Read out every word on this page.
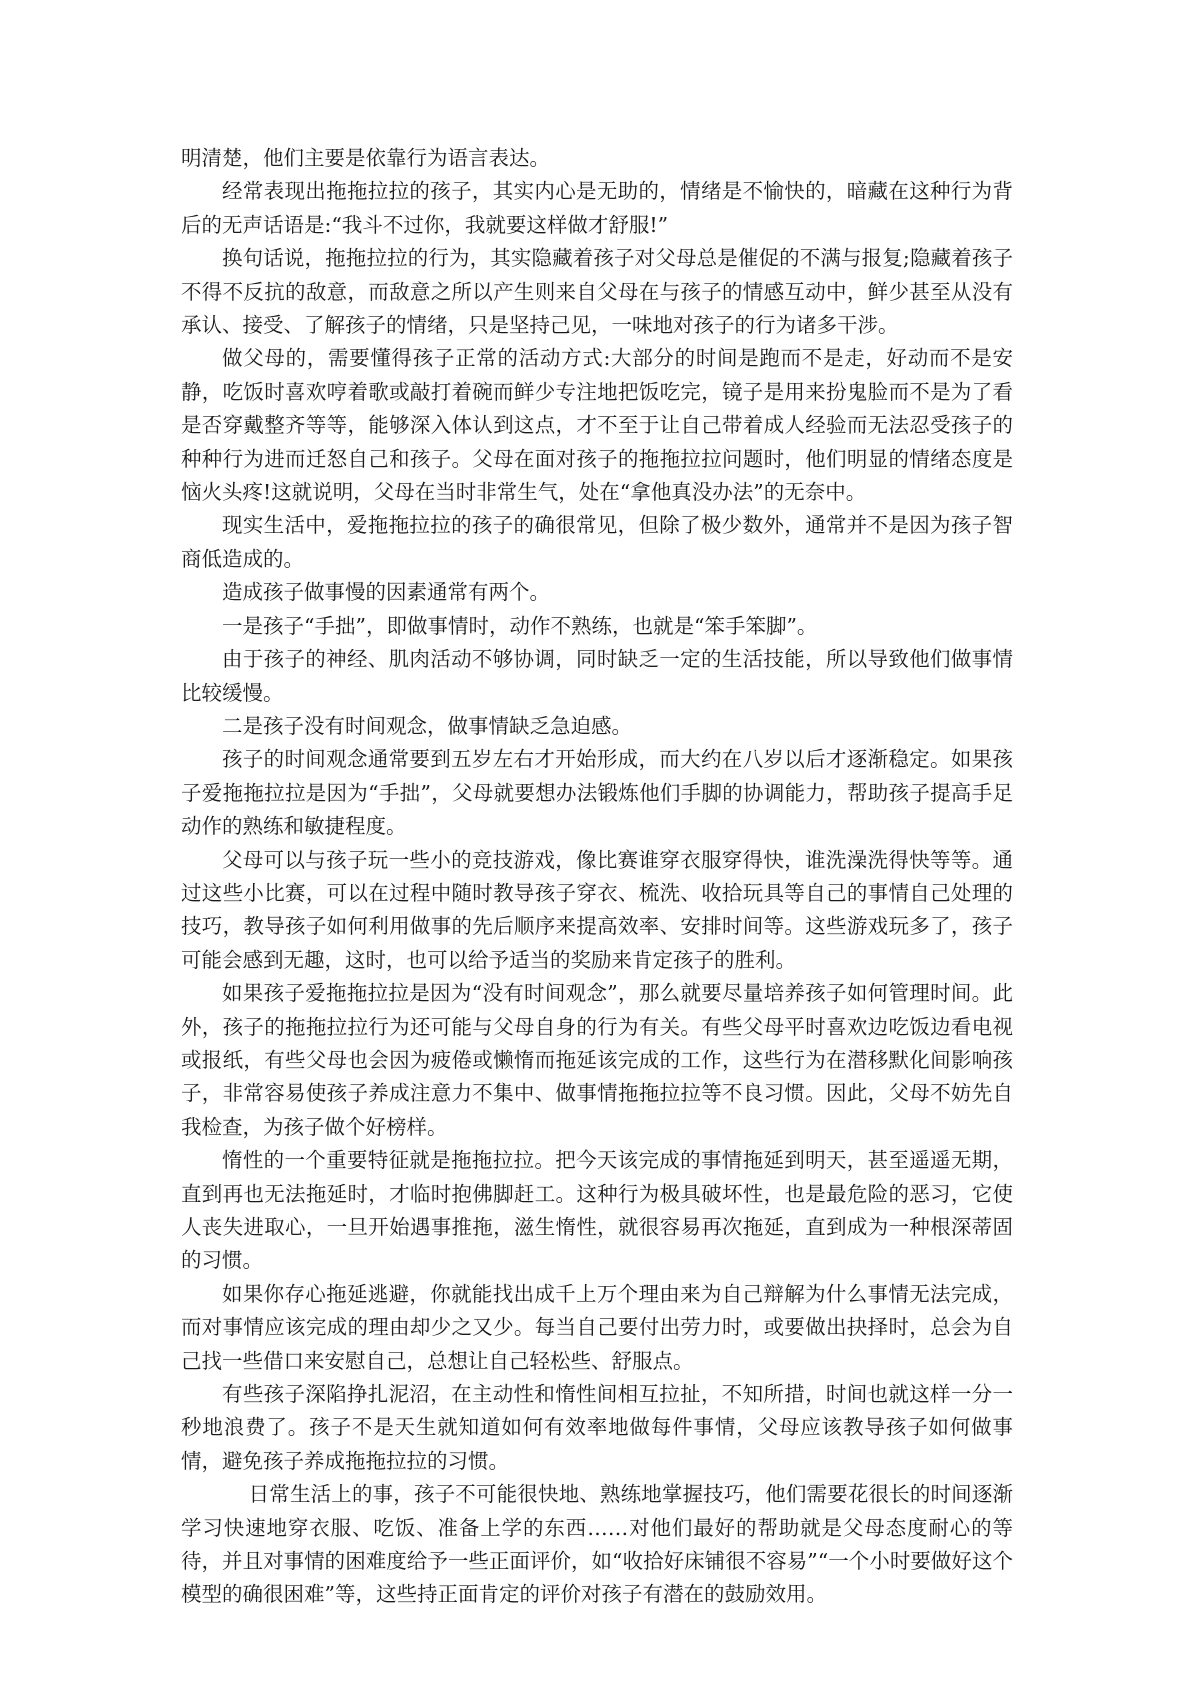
明清楚，他们主要是依靠行为语言表达。

经常表现出拖拖拉拉的孩子，其实内心是无助的，情绪是不愉快的，暗藏在这种行为背后的无声话语是:“我斗不过你，我就要这样做才舒服!”

换句话说，拖拖拉拉的行为，其实隐藏着孩子对父母总是催促的不满与报复;隐藏着孩子不得不反抗的敌意，而敌意之所以产生则来自父母在与孩子的情感互动中，鲜少甚至从没有承认、接受、了解孩子的情绪，只是坚持己见，一味地对孩子的行为诸多干涉。

做父母的，需要懂得孩子正常的活动方式:大部分的时间是跑而不是走，好动而不是安静，吃饭时喜欢哼着歌或敲打着碗而鲜少专注地把饭吃完，镜子是用来扮鬼脸而不是为了看是否穿戴整齐等等，能够深入体认到这点，才不至于让自己带着成人经验而无法忍受孩子的种种行为进而迁怒自己和孩子。父母在面对孩子的拖拖拉拉问题时，他们明显的情绪态度是恼火头疼!这就说明，父母在当时非常生气，处在“拿他真没办法”的无奈中。

现实生活中，爱拖拖拉拉的孩子的确很常见，但除了极少数外，通常并不是因为孩子智商低造成的。

造成孩子做事慢的因素通常有两个。

一是孩子“手拙”，即做事情时，动作不熟练，也就是“笨手笨脚”。

由于孩子的神经、肌肉活动不够协调，同时缺乏一定的生活技能，所以导致他们做事情比较缓慢。

二是孩子没有时间观念，做事情缺乏急迫感。

孩子的时间观念通常要到五岁左右才开始形成，而大约在八岁以后才逐渐稳定。如果孩子爱拖拖拉拉是因为“手拙”，父母就要想办法锻炼他们手脚的协调能力，帮助孩子提高手足动作的熟练和敏捷程度。

父母可以与孩子玩一些小的竞技游戏，像比赛谁穿衣服穿得快，谁洗澡洗得快等等。通过这些小比赛，可以在过程中随时教导孩子穿衣、梳洗、收拾玩具等自己的事情自己处理的技巧，教导孩子如何利用做事的先后顺序来提高效率、安排时间等。这些游戏玩多了，孩子可能会感到无趣，这时，也可以给予适当的奖励来肯定孩子的胜利。

如果孩子爱拖拖拉拉是因为“没有时间观念”，那么就要尽量培养孩子如何管理时间。此外，孩子的拖拖拉拉行为还可能与父母自身的行为有关。有些父母平时喜欢边吃饭边看电视或报纸，有些父母也会因为疲倦或懒惰而拖延该完成的工作，这些行为在潜移默化间影响孩子，非常容易使孩子养成注意力不集中、做事情拖拖拉拉等不良习惯。因此，父母不妨先自我检查，为孩子做个好榜样。

惰性的一个重要特征就是拖拖拉拉。把今天该完成的事情拖延到明天，甚至遥遥无期，直到再也无法拖延时，才临时抱佛脚赶工。这种行为极具破坏性，也是最危险的恶习，它使人丧失进取心，一旦开始遇事推拖，滋生惰性，就很容易再次拖延，直到成为一种根深蒂固的习惯。

如果你存心拖延逃避，你就能找出成千上万个理由来为自己辩解为什么事情无法完成，而对事情应该完成的理由却少之又少。每当自己要付出劳力时，或要做出抉择时，总会为自己找一些借口来安慰自己，总想让自己轻松些、舒服点。

有些孩子深陷挣扎泥沼，在主动性和惰性间相互拉扯，不知所措，时间也就这样一分一秒地浪费了。孩子不是天生就知道如何有效率地做每件事情，父母应该教导孩子如何做事情，避免孩子养成拖拖拉拉的习惯。

日常生活上的事，孩子不可能很快地、熟练地掌握技巧，他们需要花很长的时间逐渐学习快速地穿衣服、吃饭、准备上学的东西……对他们最好的帮助就是父母态度耐心的等待，并且对事情的困难度给予一些正面评价，如“收拾好床铺很不容易”“一个小时要做好这个模型的确很困难”等，这些持正面肯定的评价对孩子有潜在的鼓励效用。
